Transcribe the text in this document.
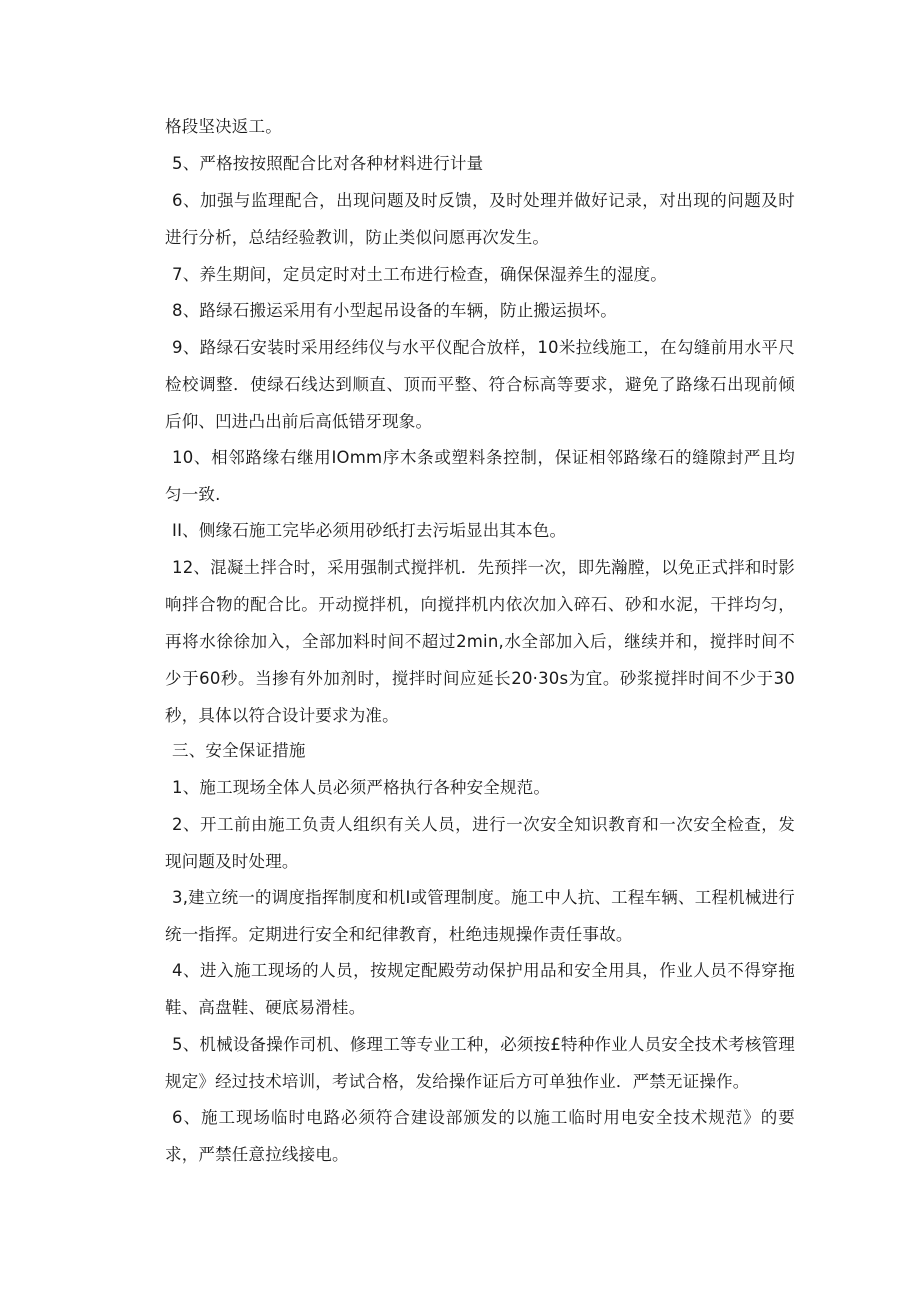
格段坚决返工。

5、严格按按照配合比对各种材料进行计量

6、加强与监理配合，出现问题及时反馈，及时处理并做好记录，对出现的问题及时进行分析，总结经验教训，防止类似问愿再次发生。

7、养生期间，定员定时对土工布进行检查，确保保湿养生的湿度。

8、路绿石搬运采用有小型起吊设备的车辆，防止搬运损坏。

9、路绿石安装时采用经纬仪与水平仪配合放样，10米拉线施工，在勾缝前用水平尺检校调整．使绿石线达到顺直、顶而平整、符合标高等要求，避免了路缘石出现前倾后仰、凹进凸出前后高低错牙现象。

10、相邻路缘右继用IOmm序木条或塑料条控制，保证相邻路缘石的缝隙封严且均匀一致.

II、侧缘石施工完毕必须用砂纸打去污垢显出其本色。

12、混凝土拌合时，采用强制式搅拌机．先预拌一次，即先瀚膛，以免正式拌和时影响拌合物的配合比。开动搅拌机，向搅拌机内依次加入碎石、砂和水泥，干拌均匀，再将水徐徐加入，全部加料时间不超过2min,水全部加入后，继续并和，搅拌时间不少于60秒。当掺有外加剂时，搅拌时间应延长20·30s为宜。砂浆搅拌时间不少于30秒，具体以符合设计要求为准。

三、安全保证措施

1、施工现场全体人员必须严格执行各种安全规范。

2、开工前由施工负责人组织有关人员，进行一次安全知识教育和一次安全检查，发现问题及时处理。

3,建立统一的调度指挥制度和机I或管理制度。施工中人抗、工程车辆、工程机械进行统一指挥。定期进行安全和纪律教育，杜绝违规操作责任事故。

4、进入施工现场的人员，按规定配殿劳动保护用品和安全用具，作业人员不得穿拖鞋、高盘鞋、硬底易滑桂。

5、机械设备操作司机、修理工等专业工种，必须按£特种作业人员安全技术考核管理规定》经过技术培训，考试合格，发给操作证后方可单独作业．严禁无证操作。

6、施工现场临时电路必须符合建设部颁发的以施工临时用电安全技术规范》的要求，严禁任意拉线接电。
